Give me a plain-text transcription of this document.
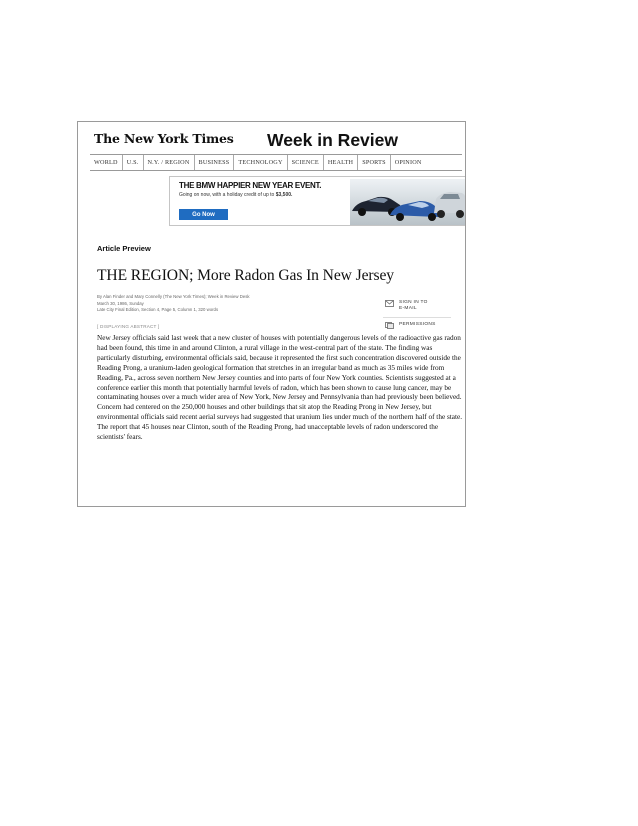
The New York Times Week in Review
WORLD	U.S.	N.Y. / REGION	BUSINESS	TECHNOLOGY	SCIENCE	HEALTH	SPORTS	OPINION
THE BMW HAPPIER NEW YEAR EVENT.
Going on now, with a holiday credit of up to $3,500.
Go Now
Article Preview
THE REGION; More Radon Gas In New Jersey
By Alan Finder and Mary Connelly (The New York Times); Week in Review Desk
March 30, 1986, Sunday
Late City Final Edition, Section 4, Page 5, Column 1, 320 words
[ DISPLAYING ABSTRACT ]
SIGN IN TO
E-MAIL
PERMISSIONS
New Jersey officials said last week that a new cluster of houses with potentially dangerous levels of the radioactive gas radon had been found, this time in and around Clinton, a rural village in the west-central part of the state. The finding was particularly disturbing, environmental officials said, because it represented the first such concentration discovered outside the Reading Prong, a uranium-laden geological formation that stretches in an irregular band as much as 35 miles wide from Reading, Pa., across seven northern New Jersey counties and into parts of four New York counties. Scientists suggested at a conference earlier this month that potentially harmful levels of radon, which has been shown to cause lung cancer, may be contaminating houses over a much wider area of New York, New Jersey and Pennsylvania than had previously been believed. Concern had centered on the 250,000 houses and other buildings that sit atop the Reading Prong in New Jersey, but environmental officials said recent aerial surveys had suggested that uranium lies under much of the northern half of the state. The report that 45 houses near Clinton, south of the Reading Prong, had unacceptable levels of radon underscored the scientists' fears.
